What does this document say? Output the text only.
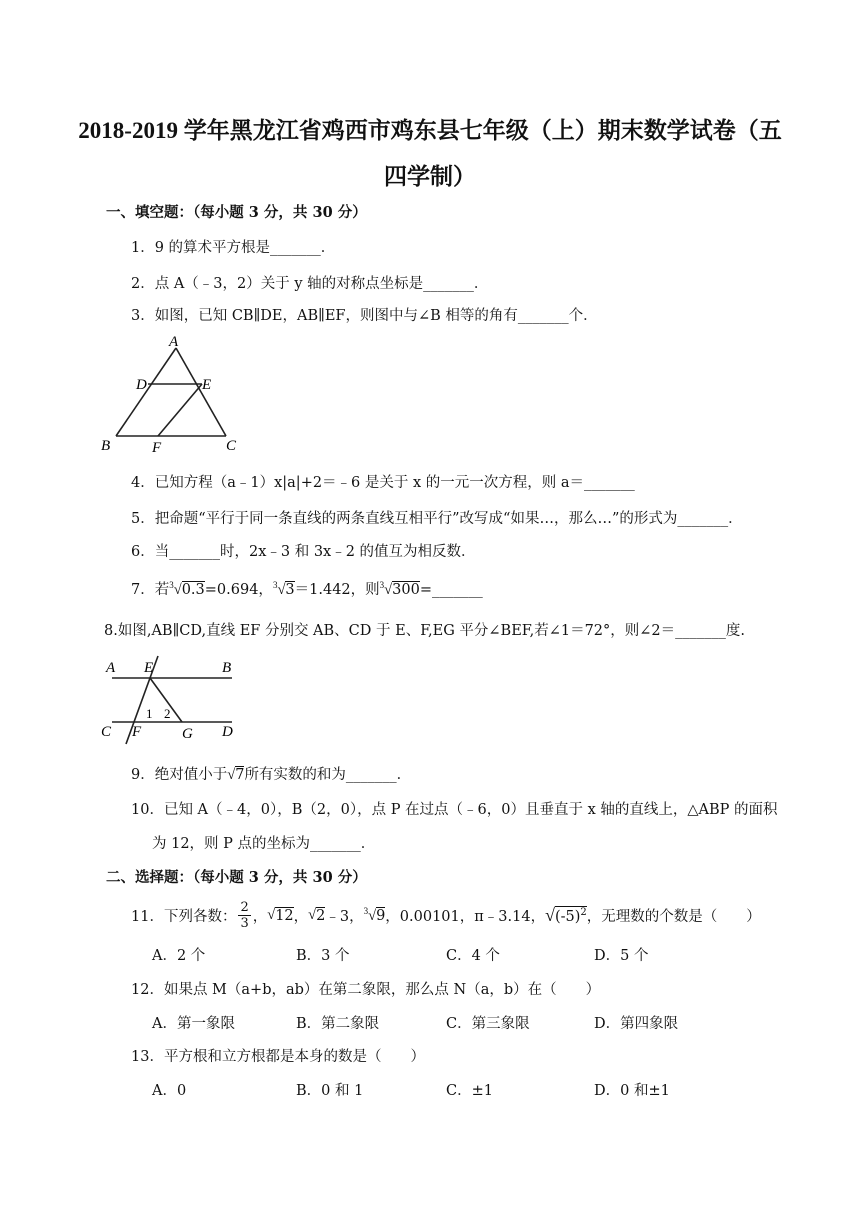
2018-2019 学年黑龙江省鸡西市鸡东县七年级（上）期末数学试卷（五
四学制）
一、填空题：（每小题 3 分，共 30 分）
1．9 的算术平方根是_______．
2．点 A（﹣3，2）关于 y 轴的对称点坐标是_______．
3．如图，已知 CB∥DE，AB∥EF，则图中与∠B 相等的角有_______个．
A
D	E
B	F	C
4．已知方程（a﹣1）x|a|+2＝﹣6 是关于 x 的一元一次方程，则 a＝_______
5．把命题“平行于同一条直线的两条直线互相平行”改写成“如果…，那么…”的形式为_______．
6．当_______时，2x﹣3 和 3x﹣2 的值互为相反数．
7．若$^3$√0.3=0.694，$^3$√3＝1.442，则$^3$√300=_______
8.如图,AB∥CD,直线 EF 分别交 AB、CD 于 E、F,EG 平分∠BEF,若∠1＝72°，则∠2＝_______度.
A E	B
C F	G D
1 2
9．绝对值小于√7所有实数的和为_______．
10．已知 A（﹣4，0），B（2，0），点 P 在过点（﹣6，0）且垂直于 x 轴的直线上，△ABP 的面积
为 12，则 P 点的坐标为_______．
二、选择题：（每小题 3 分，共 30 分）
11．下列各数： $\frac{2}{3}$ ， √ 12 ， √ 2 ﹣3， $^3$√ 9 ，0.00101，π﹣3.14， √ $(-5)^2$ ，无理数的个数是（　　）
A．2 个	B．3 个	C．4 个	D．5 个
12．如果点 M（a+b，ab）在第二象限，那么点 N（a，b）在（　　）
A．第一象限	B．第二象限	C．第三象限	D．第四象限
13．平方根和立方根都是本身的数是（　　）
A．0	B．0 和 1	C．±1	D．0 和±1
